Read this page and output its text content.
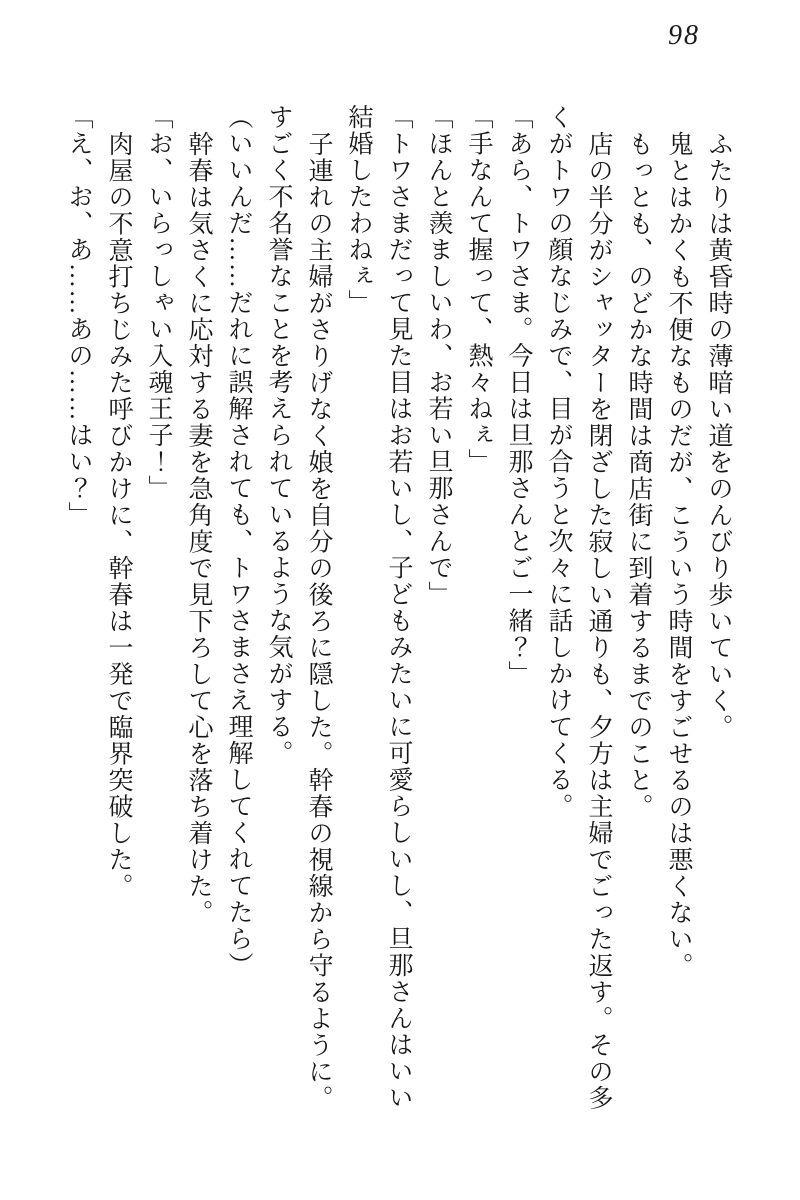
98

ふたりは黄昏時の薄暗い道をのんびり歩いていく。

鬼とはかくも不便なものだが、こういう時間をすごせるのは悪くない。

もっとも、のどかな時間は商店街に到着するまでのこと。

店の半分がシャッターを閉ざした寂しい通りも、夕方は主婦でごった返す。その多

くがトワの顔なじみで、目が合うと次々に話しかけてくる。

「あら、トワさま。今日は旦那さんとご一緒？」

「手なんて握って、熱々ねぇ」

「ほんと羨ましいわ、お若い旦那さんで」

「トワさまだって見た目はお若いし、子どもみたいに可愛らしいし、旦那さんはいい

結婚したわねぇ」

子連れの主婦がさりげなく娘を自分の後ろに隠した。幹春の視線から守るように。

すごく不名誉なことを考えられているような気がする。

（いいんだ……だれに誤解されても、トワさまさえ理解してくれてたら）

幹春は気さくに応対する妻を急角度で見下ろして心を落ち着けた。

「お、いらっしゃい入魂王子！」

肉屋の不意打ちじみた呼びかけに、幹春は一発で臨界突破した。

「え、お、あ……あの……はい？」
